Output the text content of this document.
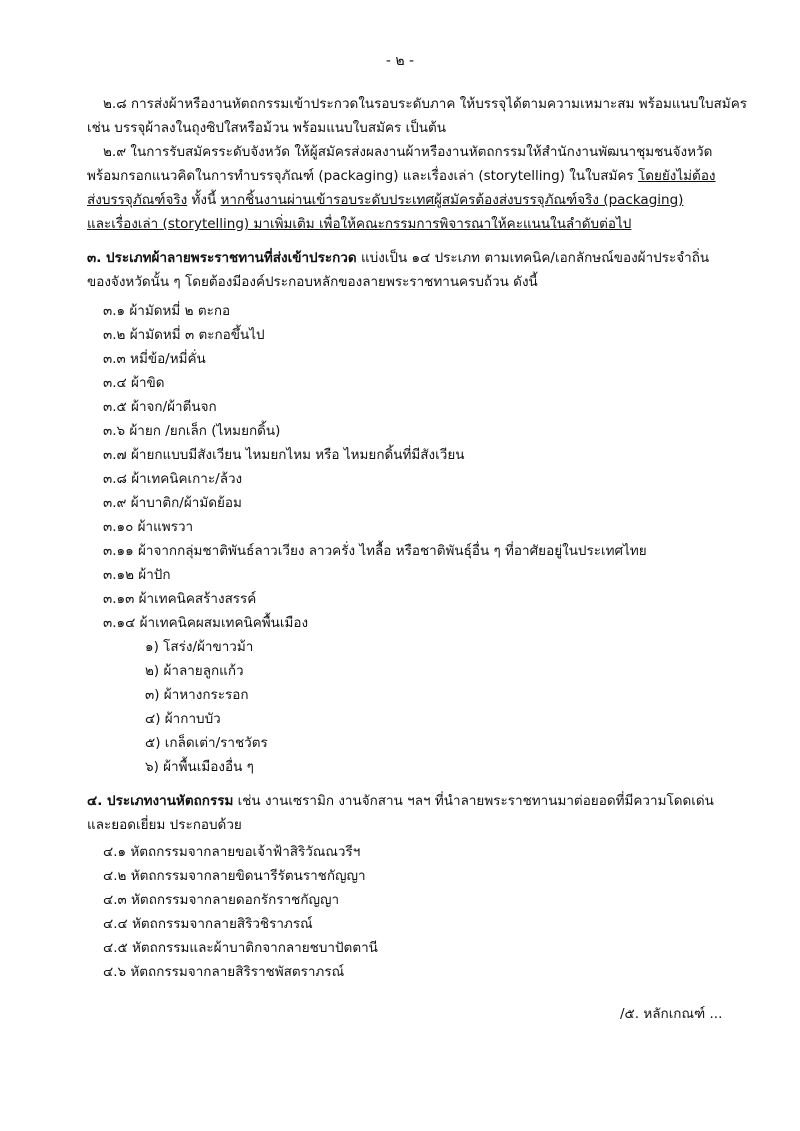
- ๒ -
๒.๘ การส่งผ้าหรืองานหัตถกรรมเข้าประกวดในรอบระดับภาค ให้บรรจุได้ตามความเหมาะสม พร้อมแนบใบสมัคร
เช่น บรรจุผ้าลงในถุงซิปใสหรือม้วน พร้อมแนบใบสมัคร เป็นต้น
๒.๙ ในการรับสมัครระดับจังหวัด ให้ผู้สมัครส่งผลงานผ้าหรืองานหัตถกรรมให้สำนักงานพัฒนาชุมชนจังหวัด
พร้อมกรอกแนวคิดในการทำบรรจุภัณฑ์ (packaging) และเรื่องเล่า (storytelling) ในใบสมัคร โดยยังไม่ต้อง
ส่งบรรจุภัณฑ์จริง ทั้งนี้ หากชิ้นงานผ่านเข้ารอบระดับประเทศผู้สมัครต้องส่งบรรจุภัณฑ์จริง (packaging)
และเรื่องเล่า (storytelling) มาเพิ่มเติม เพื่อให้คณะกรรมการพิจารณาให้คะแนนในลำดับต่อไป
๓. ประเภทผ้าลายพระราชทานที่ส่งเข้าประกวด แบ่งเป็น ๑๔ ประเภท ตามเทคนิค/เอกลักษณ์ของผ้าประจำถิ่น
ของจังหวัดนั้น ๆ โดยต้องมีองค์ประกอบหลักของลายพระราชทานครบถ้วน ดังนี้
๓.๑ ผ้ามัดหมี่ ๒ ตะกอ
๓.๒ ผ้ามัดหมี่ ๓ ตะกอขึ้นไป
๓.๓ หมี่ข้อ/หมี่คั่น
๓.๔ ผ้าขิด
๓.๕ ผ้าจก/ผ้าตีนจก
๓.๖ ผ้ายก /ยกเล็ก (ไหมยกดิ้น)
๓.๗ ผ้ายกแบบมีสังเวียน ไหมยกไหม หรือ ไหมยกดิ้นที่มีสังเวียน
๓.๘ ผ้าเทคนิคเกาะ/ล้วง
๓.๙ ผ้าบาติก/ผ้ามัดย้อม
๓.๑๐ ผ้าแพรวา
๓.๑๑ ผ้าจากกลุ่มชาติพันธ์ลาวเวียง ลาวครั่ง ไทลื้อ หรือชาติพันธุ์อื่น ๆ ที่อาศัยอยู่ในประเทศไทย
๓.๑๒ ผ้าปัก
๓.๑๓ ผ้าเทคนิคสร้างสรรค์
๓.๑๔ ผ้าเทคนิคผสมเทคนิคพื้นเมือง
๑) โสร่ง/ผ้าขาวม้า
๒) ผ้าลายลูกแก้ว
๓) ผ้าหางกระรอก
๔) ผ้ากาบบัว
๕) เกล็ดเต่า/ราชวัตร
๖) ผ้าพื้นเมืองอื่น ๆ
๔. ประเภทงานหัตถกรรม เช่น งานเซรามิก งานจักสาน ฯลฯ ที่นำลายพระราชทานมาต่อยอดที่มีความโดดเด่น
และยอดเยี่ยม ประกอบด้วย
๔.๑ หัตถกรรมจากลายขอเจ้าฟ้าสิริวัณณวรีฯ
๔.๒ หัตถกรรมจากลายขิดนารีรัตนราชกัญญา
๔.๓ หัตถกรรมจากลายดอกรักราชกัญญา
๔.๔ หัตถกรรมจากลายสิริวชิราภรณ์
๔.๕ หัตถกรรมและผ้าบาติกจากลายชบาปัตตานี
๔.๖ หัตถกรรมจากลายสิริราชพัสตราภรณ์
/๕. หลักเกณฑ์ ...
